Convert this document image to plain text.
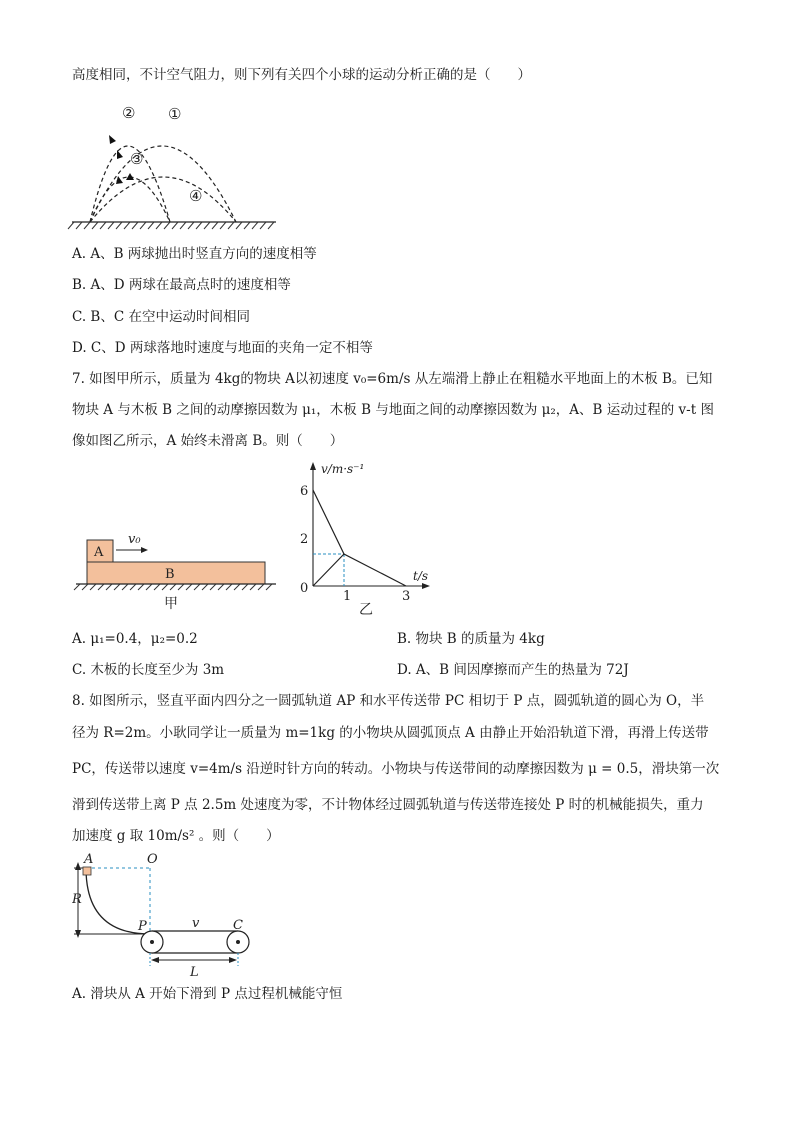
高度相同，不计空气阻力，则下列有关四个小球的运动分析正确的是（　　）
② ①
③
④
A. A、B 两球抛出时竖直方向的速度相等
B. A、D 两球在最高点时的速度相等
C. B、C 在空中运动时间相同
D. C、D 两球落地时速度与地面的夹角一定不相等
7. 如图甲所示，质量为 4kg的物块 A以初速度 v₀=6m/s 从左端滑上静止在粗糙水平地面上的木板 B。已知
物块 A 与木板 B 之间的动摩擦因数为 μ₁，木板 B 与地面之间的动摩擦因数为 μ₂，A、B 运动过程的 v-t 图
像如图乙所示，A 始终未滑离 B。则（　　）
A
B
v₀
甲
v/m·s⁻¹
t/s
6
2
0
1	3
乙
A. μ₁=0.4，μ₂=0.2	B. 物块 B 的质量为 4kg
C. 木板的长度至少为 3m	D. A、B 间因摩擦而产生的热量为 72J
8. 如图所示，竖直平面内四分之一圆弧轨道 AP 和水平传送带 PC 相切于 P 点，圆弧轨道的圆心为 O，半
径为 R=2m。小耿同学让一质量为 m=1kg 的小物块从圆弧顶点 A 由静止开始沿轨道下滑，再滑上传送带
PC，传送带以速度 v=4m/s 沿逆时针方向的转动。小物块与传送带间的动摩擦因数为 μ = 0.5，滑块第一次
滑到传送带上离 P 点 2.5m 处速度为零，不计物体经过圆弧轨道与传送带连接处 P 时的机械能损失，重力
加速度 g 取 10m/s² 。则（　　）
A	O
R
P	v	C
L
A. 滑块从 A 开始下滑到 P 点过程机械能守恒
